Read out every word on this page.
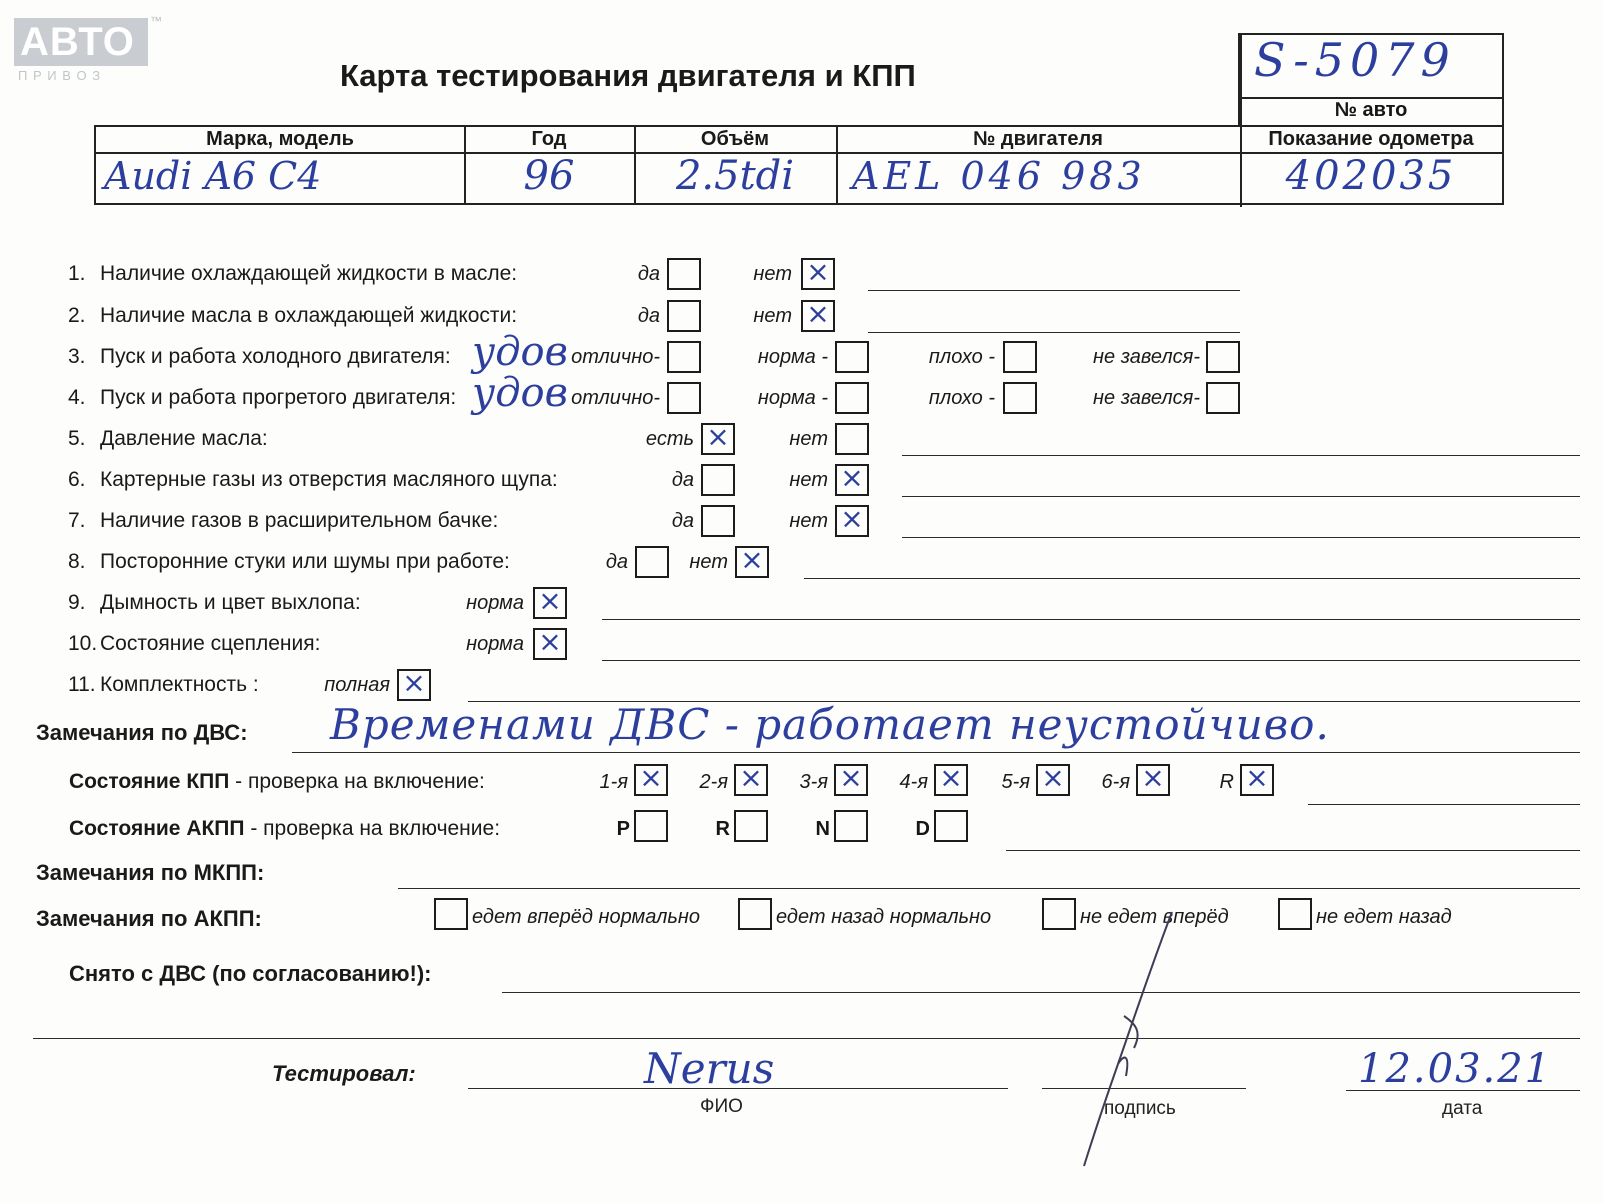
АВТО ™
П Р И В О З	Карта тестирования двигателя и КПП	S-5079
№ авто
Марка, модель	Год	Объём	№ двигателя	Показание одометра
Audi A6 C4	96	2.5tdi	AEL 046 983	402035
1. Наличие охлаждающей жидкости в масле:	да	нет ×
2. Наличие масла в охлаждающей жидкости:	да	нет ×
3. Пуск и работа холодного двигателя: удов отлично-	норма -	плохо -	не завелся-
4. Пуск и работа прогретого двигателя: удов отлично-	норма -	плохо -	не завелся-
5. Давление масла:	есть ×	нет
6. Картерные газы из отверстия масляного щупа:	да	нет ×
7. Наличие газов в расширительном бачке:	да	нет ×
8. Посторонние стуки или шумы при работе:	да	нет ×
9. Дымность и цвет выхлопа:	норма ×
10. Состояние сцепления:	норма ×
11. Комплектность :	полная ×
Замечания по ДВС: Временами ДВС - работает неустойчиво.
Состояние КПП - проверка на включение:	1-я × 2-я × 3-я × 4-я × 5-я × 6-я ×	R ×
Состояние АКПП - проверка на включение:	P	R	N	D
Замечания по МКПП:
Замечания по АКПП:	едет вперёд нормально	едет назад нормально	не едет вперёд	не едет назад
Снято с ДВС (по согласованию!):
Тестировал:	Nerus
ФИО	подпись
12.03.21
дата
